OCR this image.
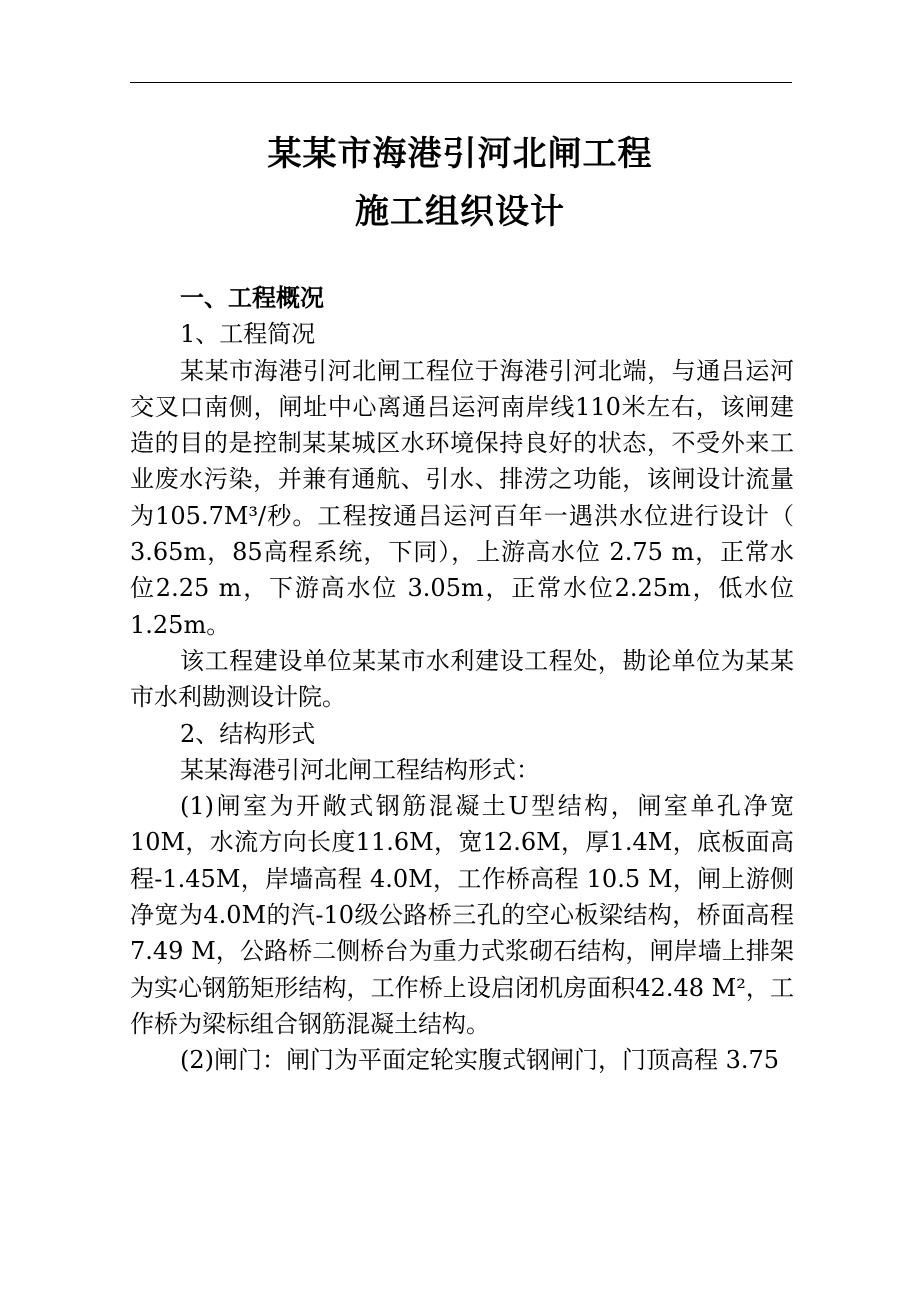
某某市海港引河北闸工程
施工组织设计

一、工程概况

1、工程简况

某某市海港引河北闸工程位于海港引河北端，与通吕运河交叉口南侧，闸址中心离通吕运河南岸线110米左右，该闸建造的目的是控制某某城区水环境保持良好的状态，不受外来工业废水污染，并兼有通航、引水、排涝之功能，该闸设计流量为105.7M³/秒。工程按通吕运河百年一遇洪水位进行设计（ 3.65m，85高程系统，下同），上游高水位 2.75 m，正常水位2.25 m，下游高水位 3.05m，正常水位2.25m，低水位1.25m。

该工程建设单位某某市水利建设工程处，勘论单位为某某市水利勘测设计院。

2、结构形式

某某海港引河北闸工程结构形式：

(1)闸室为开敞式钢筋混凝土U型结构，闸室单孔净宽10M，水流方向长度11.6M，宽12.6M，厚1.4M，底板面高程-1.45M，岸墙高程 4.0M，工作桥高程 10.5 M，闸上游侧净宽为4.0M的汽-10级公路桥三孔的空心板梁结构，桥面高程7.49 M，公路桥二侧桥台为重力式浆砌石结构，闸岸墙上排架为实心钢筋矩形结构，工作桥上设启闭机房面积42.48 M²，工作桥为梁标组合钢筋混凝土结构。

(2)闸门：闸门为平面定轮实腹式钢闸门，门顶高程 3.75
